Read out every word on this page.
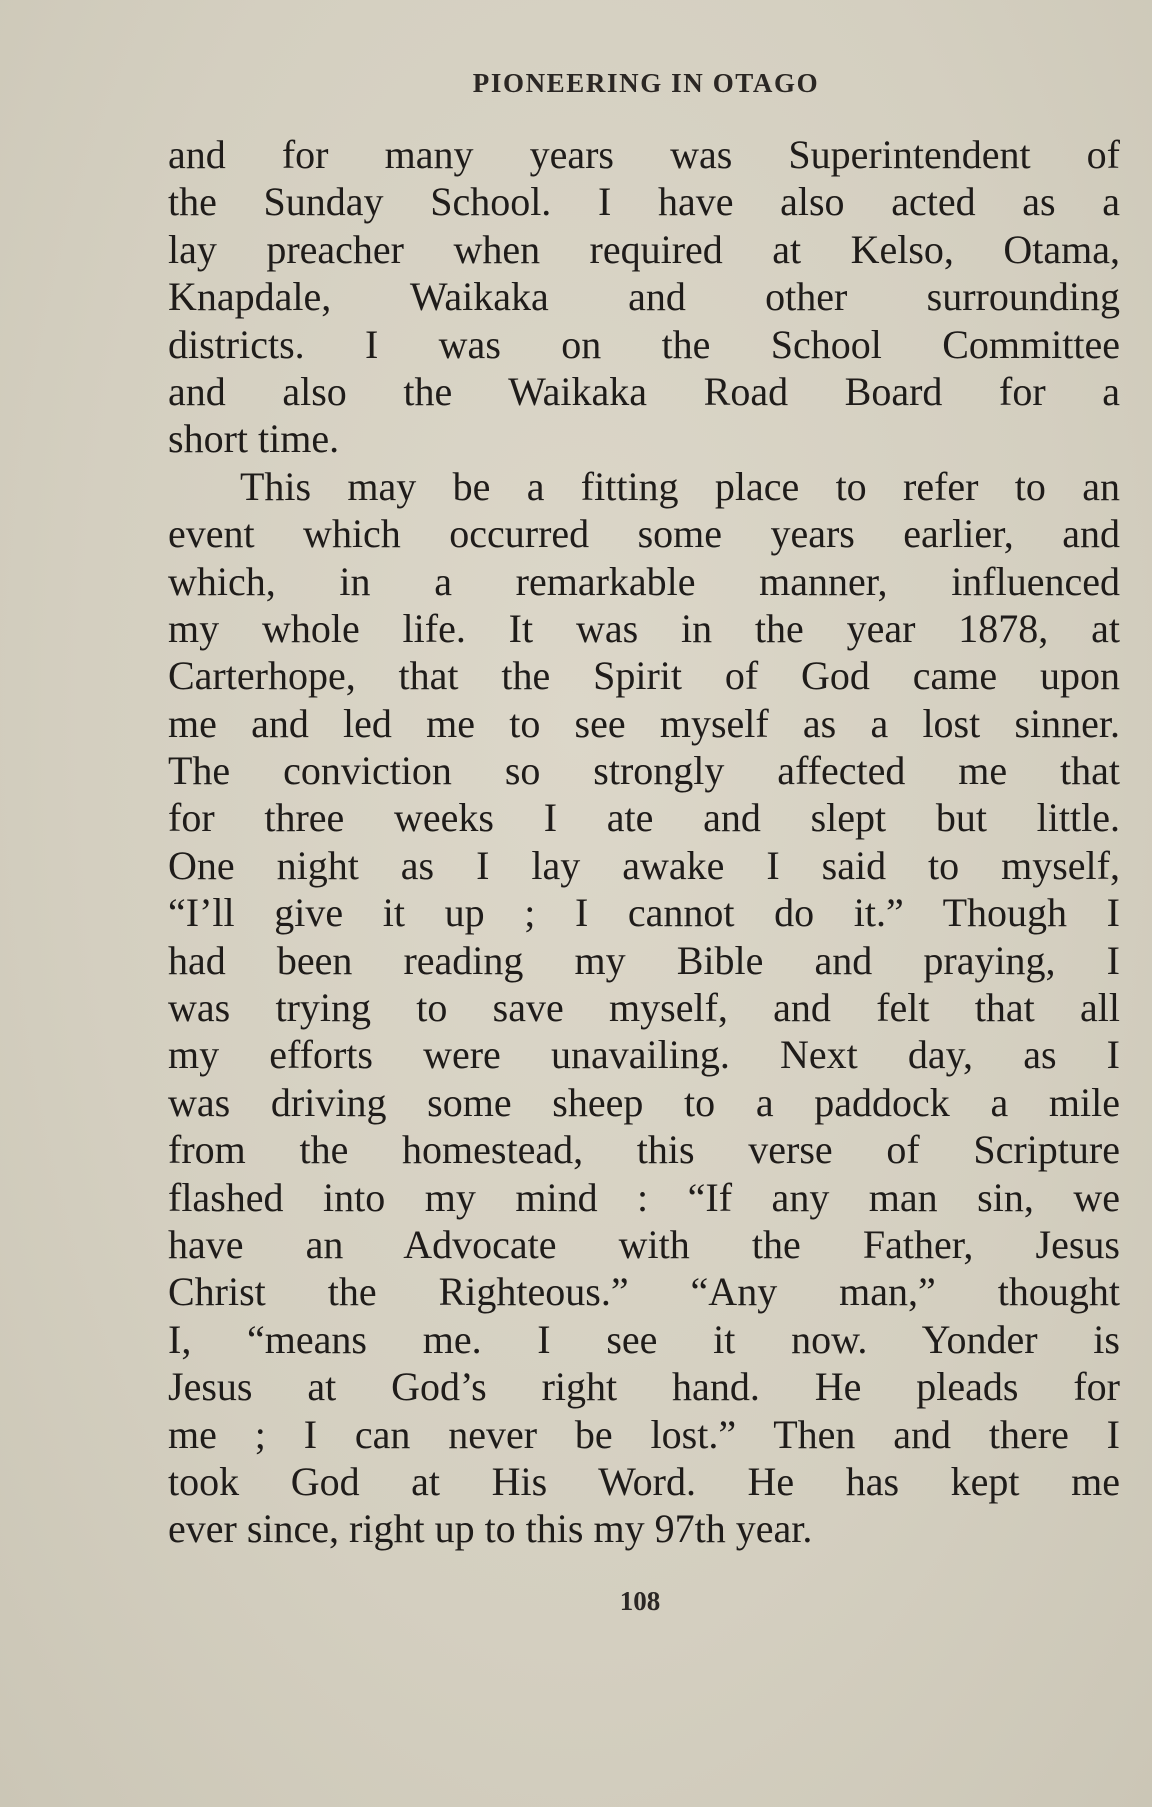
PIONEERING IN OTAGO
and for many years was Superintendent of
the Sunday School. I have also acted as a
lay preacher when required at Kelso, Otama,
Knapdale, Waikaka and other surrounding
districts. I was on the School Committee
and also the Waikaka Road Board for a
short time.
This may be a fitting place to refer to an
event which occurred some years earlier, and
which, in a remarkable manner, influenced
my whole life. It was in the year 1878, at
Carterhope, that the Spirit of God came upon
me and led me to see myself as a lost sinner.
The conviction so strongly affected me that
for three weeks I ate and slept but little.
One night as I lay awake I said to myself,
“I’ll give it up ; I cannot do it.” Though I
had been reading my Bible and praying, I
was trying to save myself, and felt that all
my efforts were unavailing. Next day, as I
was driving some sheep to a paddock a mile
from the homestead, this verse of Scripture
flashed into my mind : “If any man sin, we
have an Advocate with the Father, Jesus
Christ the Righteous.” “Any man,” thought
I, “means me. I see it now. Yonder is
Jesus at God’s right hand. He pleads for
me ; I can never be lost.” Then and there I
took God at His Word. He has kept me
ever since, right up to this my 97th year.
108
